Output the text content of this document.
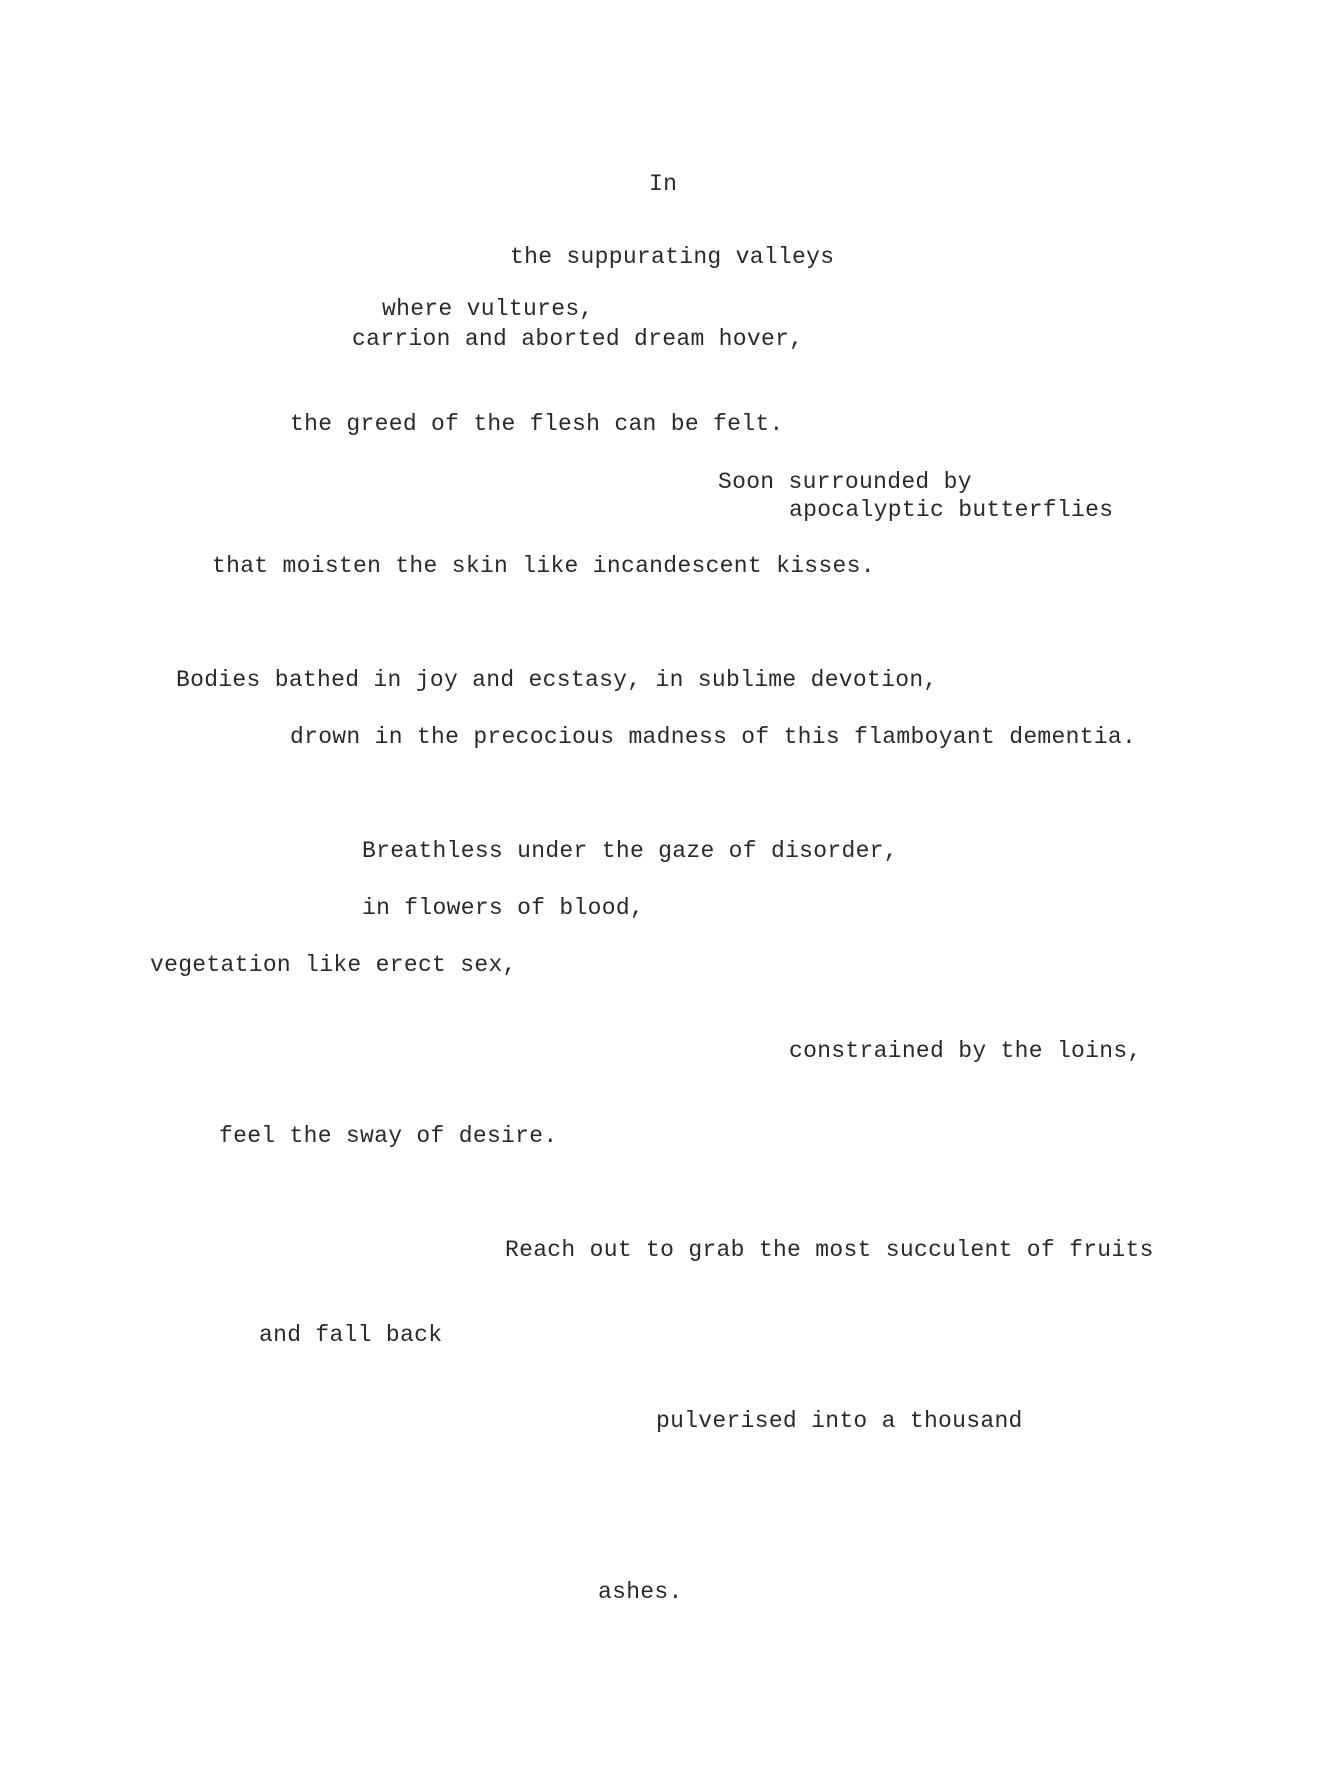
In

the suppurating valleys

where vultures,

carrion and aborted dream hover,

the greed of the flesh can be felt.

Soon surrounded by

apocalyptic butterflies

that moisten the skin like incandescent kisses.

Bodies bathed in joy and ecstasy, in sublime devotion,

drown in the precocious madness of this flamboyant dementia.

Breathless under the gaze of disorder,

in flowers of blood,

vegetation like erect sex,

constrained by the loins,

feel the sway of desire.

Reach out to grab the most succulent of fruits

and fall back

pulverised into a thousand

ashes.
